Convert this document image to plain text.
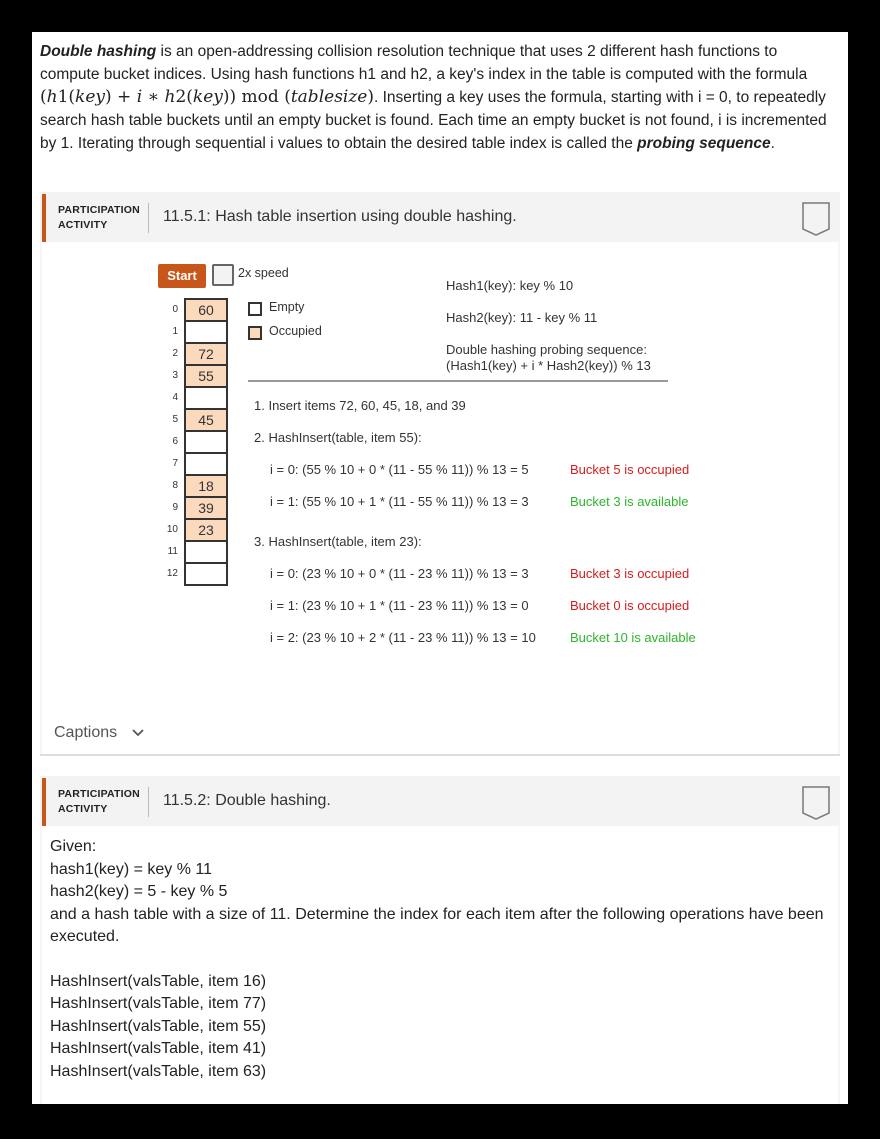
Double hashing is an open-addressing collision resolution technique that uses 2 different hash functions to compute bucket indices. Using hash functions h1 and h2, a key's index in the table is computed with the formula (h1(key) + i ∗ h2(key)) mod (tablesize). Inserting a key uses the formula, starting with i = 0, to repeatedly search hash table buckets until an empty bucket is found. Each time an empty bucket is not found, i is incremented by 1. Iterating through sequential i values to obtain the desired table index is called the probing sequence.
PARTICIPATION
ACTIVITY	11.5.1: Hash table insertion using double hashing.
Start	2x speed
0	60
1
2	72
3	55
4
5	45
6
7
8	18
9	39
10	23
11
12
Empty
Occupied
Hash1(key): key % 10
Hash2(key): 11 - key % 11
Double hashing probing sequence:
(Hash1(key) + i * Hash2(key)) % 13
1. Insert items 72, 60, 45, 18, and 39
2. HashInsert(table, item 55):
i = 0: (55 % 10 + 0 * (11 - 55 % 11)) % 13 = 5	Bucket 5 is occupied
i = 1: (55 % 10 + 1 * (11 - 55 % 11)) % 13 = 3	Bucket 3 is available
3. HashInsert(table, item 23):
i = 0: (23 % 10 + 0 * (11 - 23 % 11)) % 13 = 3	Bucket 3 is occupied
i = 1: (23 % 10 + 1 * (11 - 23 % 11)) % 13 = 0	Bucket 0 is occupied
i = 2: (23 % 10 + 2 * (11 - 23 % 11)) % 13 = 10	Bucket 10 is available
Captions
PARTICIPATION
ACTIVITY	11.5.2: Double hashing.
Given:
hash1(key) = key % 11
hash2(key) = 5 - key % 5
and a hash table with a size of 11. Determine the index for each item after the following operations have been executed.
HashInsert(valsTable, item 16)
HashInsert(valsTable, item 77)
HashInsert(valsTable, item 55)
HashInsert(valsTable, item 41)
HashInsert(valsTable, item 63)
